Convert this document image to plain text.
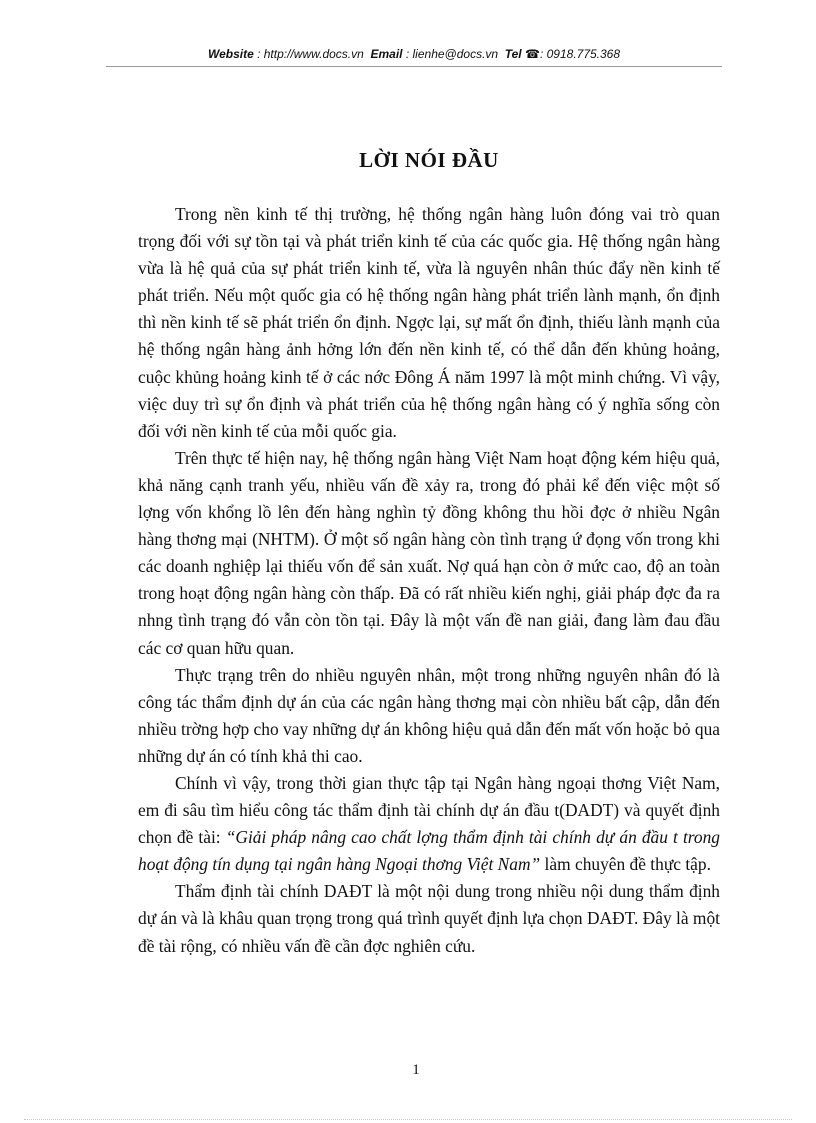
Website : http://www.docs.vn Email : lienhe@docs.vn Tel ☎: 0918.775.368
LỜI NÓI ĐẦU

Trong nền kinh tế thị trường, hệ thống ngân hàng luôn đóng vai trò quan trọng đối với sự tồn tại và phát triển kinh tế của các quốc gia. Hệ thống ngân hàng vừa là hệ quả của sự phát triển kinh tế, vừa là nguyên nhân thúc đẩy nền kinh tế phát triển. Nếu một quốc gia có hệ thống ngân hàng phát triển lành mạnh, ổn định thì nền kinh tế sẽ phát triển ổn định. Ngợc lại, sự mất ổn định, thiếu lành mạnh của hệ thống ngân hàng ảnh hởng lớn đến nền kinh tế, có thể dẫn đến khủng hoảng, cuộc khủng hoảng kinh tế ở các nớc Đông Á năm 1997 là một minh chứng. Vì vậy, việc duy trì sự ổn định và phát triển của hệ thống ngân hàng có ý nghĩa sống còn đối với nền kinh tế của mỗi quốc gia.

Trên thực tế hiện nay, hệ thống ngân hàng Việt Nam hoạt động kém hiệu quả, khả năng cạnh tranh yếu, nhiều vấn đề xảy ra, trong đó phải kể đến việc một số lợng vốn khổng lồ lên đến hàng nghìn tỷ đồng không thu hồi đợc ở nhiều Ngân hàng thơng mại (NHTM). Ở một số ngân hàng còn tình trạng ứ đọng vốn trong khi các doanh nghiệp lại thiếu vốn để sản xuất. Nợ quá hạn còn ở mức cao, độ an toàn trong hoạt động ngân hàng còn thấp. Đã có rất nhiều kiến nghị, giải pháp đợc đa ra nhng tình trạng đó vẫn còn tồn tại. Đây là một vấn đề nan giải, đang làm đau đầu các cơ quan hữu quan.

Thực trạng trên do nhiều nguyên nhân, một trong những nguyên nhân đó là công tác thẩm định dự án của các ngân hàng thơng mại còn nhiều bất cập, dẫn đến nhiều trờng hợp cho vay những dự án không hiệu quả dẫn đến mất vốn hoặc bỏ qua những dự án có tính khả thi cao.

Chính vì vậy, trong thời gian thực tập tại Ngân hàng ngoại thơng Việt Nam, em đi sâu tìm hiểu công tác thẩm định tài chính dự án đầu t(DADT) và quyết định chọn đề tài: “Giải pháp nâng cao chất lợng thẩm định tài chính dự án đầu t trong hoạt động tín dụng tại ngân hàng Ngoại thơng Việt Nam” làm chuyên đề thực tập.

Thẩm định tài chính DAĐT là một nội dung trong nhiều nội dung thẩm định dự án và là khâu quan trọng trong quá trình quyết định lựa chọn DAĐT. Đây là một đề tài rộng, có nhiều vấn đề cần đợc nghiên cứu.

1
